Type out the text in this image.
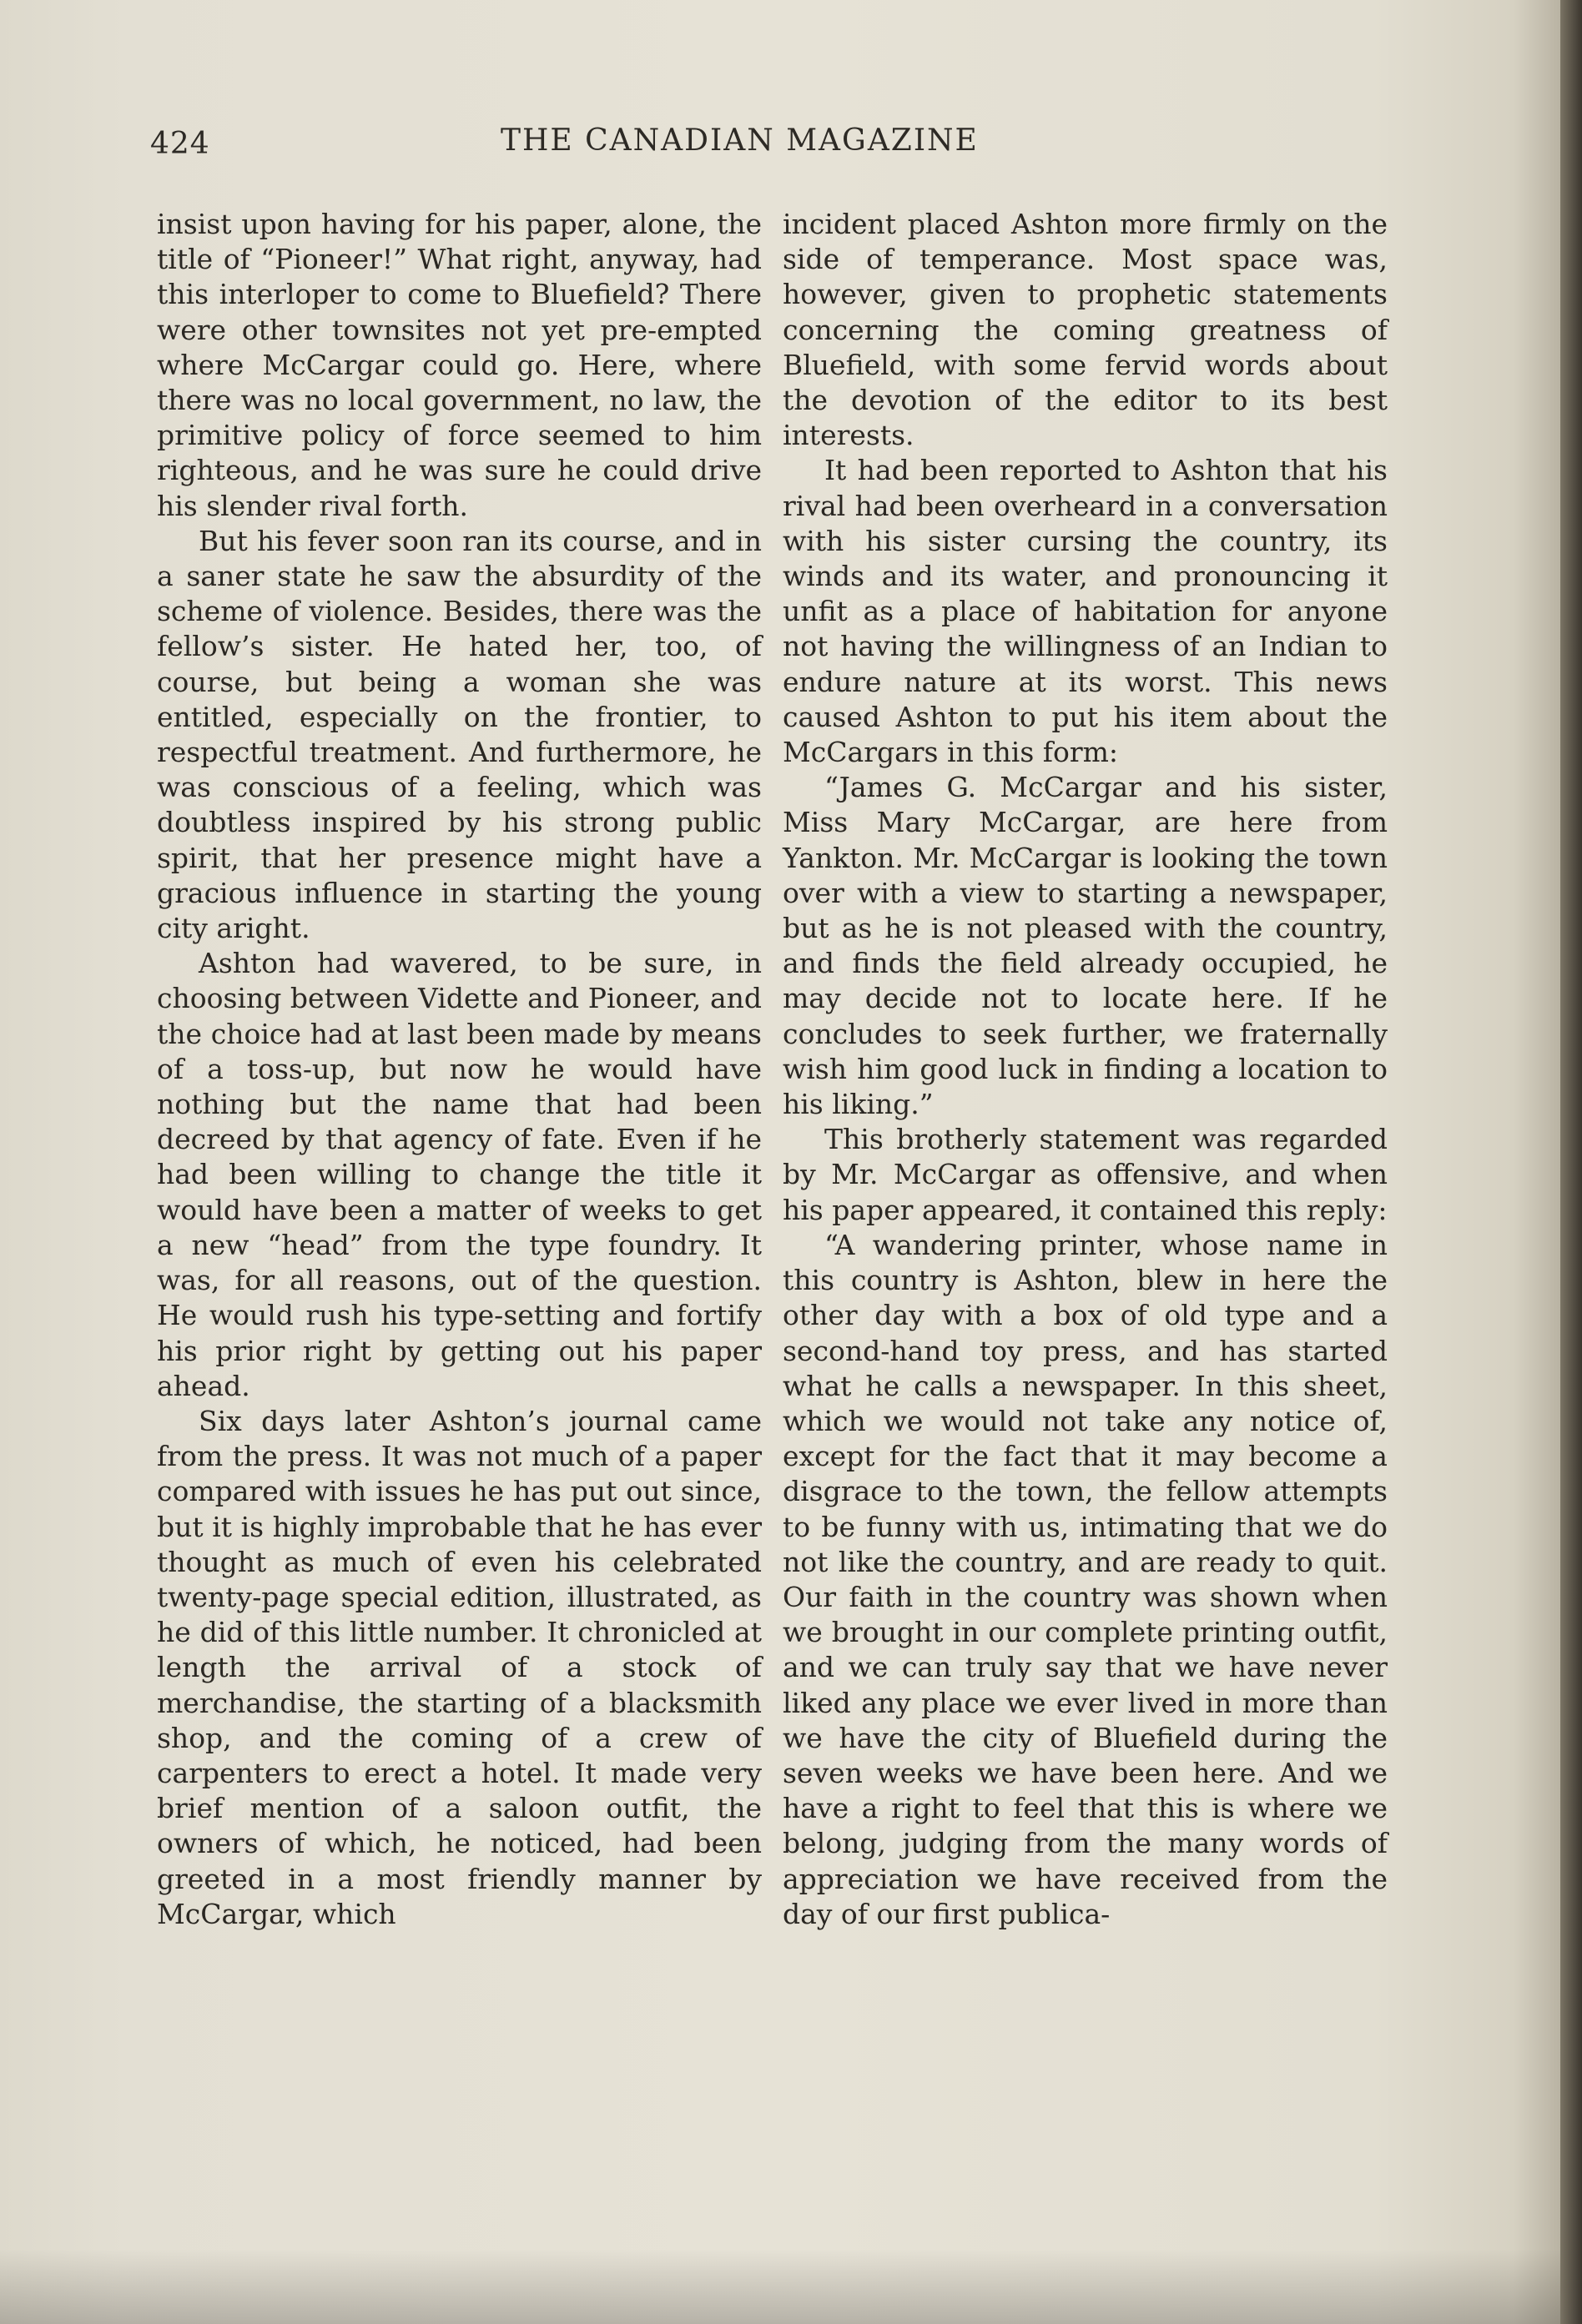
424	THE CANADIAN MAGAZINE

insist upon having for his paper, alone, the title of “Pioneer!” What right, anyway, had this interloper to come to Bluefield? There were other townsites not yet pre-empted where McCargar could go. Here, where there was no local government, no law, the primitive policy of force seemed to him righteous, and he was sure he could drive his slender rival forth.

But his fever soon ran its course, and in a saner state he saw the absurdity of the scheme of violence. Besides, there was the fellow’s sister. He hated her, too, of course, but being a woman she was entitled, especially on the frontier, to respectful treatment. And furthermore, he was conscious of a feeling, which was doubtless inspired by his strong public spirit, that her presence might have a gracious influence in starting the young city aright.

Ashton had wavered, to be sure, in choosing between Vidette and Pioneer, and the choice had at last been made by means of a toss-up, but now he would have nothing but the name that had been decreed by that agency of fate. Even if he had been willing to change the title it would have been a matter of weeks to get a new “head” from the type foundry. It was, for all reasons, out of the question. He would rush his type-setting and fortify his prior right by getting out his paper ahead.

Six days later Ashton’s journal came from the press. It was not much of a paper compared with issues he has put out since, but it is highly improbable that he has ever thought as much of even his celebrated twenty-page special edition, illustrated, as he did of this little number. It chronicled at length the arrival of a stock of merchandise, the starting of a blacksmith shop, and the coming of a crew of carpenters to erect a hotel. It made very brief mention of a saloon outfit, the owners of which, he noticed, had been greeted in a most friendly manner by McCargar, which

incident placed Ashton more firmly on the side of temperance. Most space was, however, given to prophetic statements concerning the coming greatness of Bluefield, with some fervid words about the devotion of the editor to its best interests.

It had been reported to Ashton that his rival had been overheard in a conversation with his sister cursing the country, its winds and its water, and pronouncing it unfit as a place of habitation for anyone not having the willingness of an Indian to endure nature at its worst. This news caused Ashton to put his item about the McCargars in this form:

“James G. McCargar and his sister, Miss Mary McCargar, are here from Yankton. Mr. McCargar is looking the town over with a view to starting a newspaper, but as he is not pleased with the country, and finds the field already occupied, he may decide not to locate here. If he concludes to seek further, we fraternally wish him good luck in finding a location to his liking.”

This brotherly statement was regarded by Mr. McCargar as offensive, and when his paper appeared, it contained this reply:

“A wandering printer, whose name in this country is Ashton, blew in here the other day with a box of old type and a second-hand toy press, and has started what he calls a newspaper. In this sheet, which we would not take any notice of, except for the fact that it may become a disgrace to the town, the fellow attempts to be funny with us, intimating that we do not like the country, and are ready to quit. Our faith in the country was shown when we brought in our complete printing outfit, and we can truly say that we have never liked any place we ever lived in more than we have the city of Bluefield during the seven weeks we have been here. And we have a right to feel that this is where we belong, judging from the many words of appreciation we have received from the day of our first publica-
